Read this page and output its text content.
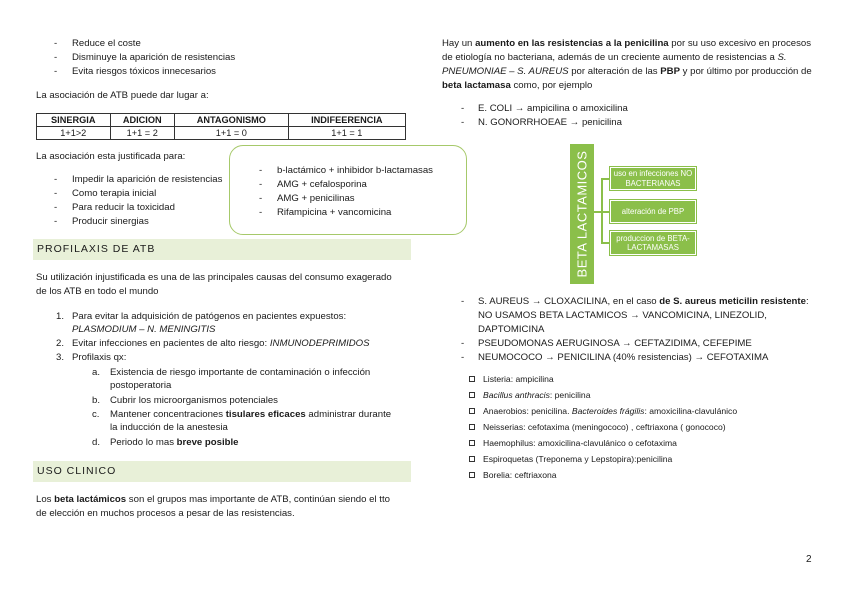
- Reduce el coste
- Disminuye la aparición de resistencias
- Evita riesgos tóxicos innecesarios
La asociación de ATB puede dar lugar a:
SINERGIA	ADICION	ANTAGONISMO	INDIFEERENCIA
1+1>2	1+1 = 2	1+1 = 0	1+1 = 1
La asociación esta justificada para:
- Impedir la aparición de resistencias
- Como terapia inicial
- Para reducir la toxicidad
- Producir sinergias
- b-lactámico + inhibidor b-lactamasas
- AMG + cefalosporina
- AMG + penicilinas
- Rifampicina + vancomicina
PROFILAXIS DE ATB
Su utilización injustificada es una de las principales causas del consumo exagerado
de los ATB en todo el mundo
1. Para evitar la adquisición de patógenos en pacientes expuestos:
PLASMODIUM – N. MENINGITIS
2. Evitar infecciones en pacientes de alto riesgo: INMUNODEPRIMIDOS
3. Profilaxis qx:
a. Existencia de riesgo importante de contaminación o infección
postoperatoria
b. Cubrir los microorganismos potenciales
c. Mantener concentraciones tisulares eficaces administrar durante
la inducción de la anestesia
d. Periodo lo mas breve posible
USO CLINICO
Los beta lactámicos son el grupos mas importante de ATB, continúan siendo el tto
de elección en muchos procesos a pesar de las resistencias.
Hay un aumento en las resistencias a la penicilina por su uso excesivo en procesos
de etiología no bacteriana, además de un creciente aumento de resistencias a S.
PNEUMONIAE – S. AUREUS por alteración de las PBP y por último por producción de
beta lactamasa como, por ejemplo
- E. COLI → ampicilina o amoxicilina
- N. GONORRHOEAE → penicilina
BETA LACTAMICOS	uso en infecciones NO BACTERIANAS
alteración de PBP
produccion de BETA-LACTAMASAS
- S. AUREUS → CLOXACILINA, en el caso de S. aureus meticilin resistente:
NO USAMOS BETA LACTAMICOS → VANCOMICINA, LINEZOLID,
DAPTOMICINA
- PSEUDOMONAS AERUGINOSA → CEFTAZIDIMA, CEFEPIME
- NEUMOCOCO → PENICILINA (40% resistencias) → CEFOTAXIMA
Listeria: ampicilina
Bacillus anthracis: penicilina
Anaerobios: penicilina. Bacteroides frágilis: amoxicilina-clavulánico
Neisserias: cefotaxima (meningococo) , ceftriaxona ( gonococo)
Haemophilus: amoxicilina-clavulánico o cefotaxima
Espiroquetas (Treponema y Lepstopira):penicilina
Borelia: ceftriaxona
2
